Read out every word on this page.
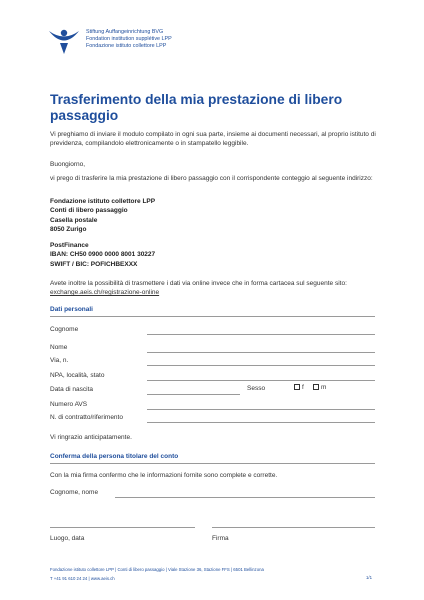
Stiftung Auffangeinrichtung BVG
Fondation institution supplétive LPP
Fondazione istituto collettore LPP
Trasferimento della mia prestazione di libero passaggio
Vi preghiamo di inviare il modulo compilato in ogni sua parte, insieme ai documenti necessari, al proprio istituto di previdenza, compilandolo elettronicamente o in stampatello leggibile.
Buongiorno,
vi prego di trasferire la mia prestazione di libero passaggio con il corrispondente conteggio al seguente indirizzo:
Fondazione istituto collettore LPP
Conti di libero passaggio
Casella postale
8050 Zurigo
PostFinance
IBAN: CH50 0900 0000 8001 30227
SWIFT / BIC: POFICHBEXXX
Avete inoltre la possibilità di trasmettere i dati via online invece che in forma cartacea sul seguente sito:
exchange.aeis.ch/registrazione-online
Dati personali
Cognome
Nome
Via, n.
NPA, località, stato
Data di nascita	Sesso	f	m
Numero AVS
N. di contratto/riferimento
Vi ringrazio anticipatamente.
Conferma della persona titolare del conto
Con la mia firma confermo che le informazioni fornite sono complete e corrette.
Cognome, nome
Luogo, data	Firma
Fondazione istituto collettore LPP | Conti di libero passaggio | Viale Stazione 36, Stazione FFS | 6501 Bellinzona
T +41 91 610 24 24 | www.aeis.ch	1/1
